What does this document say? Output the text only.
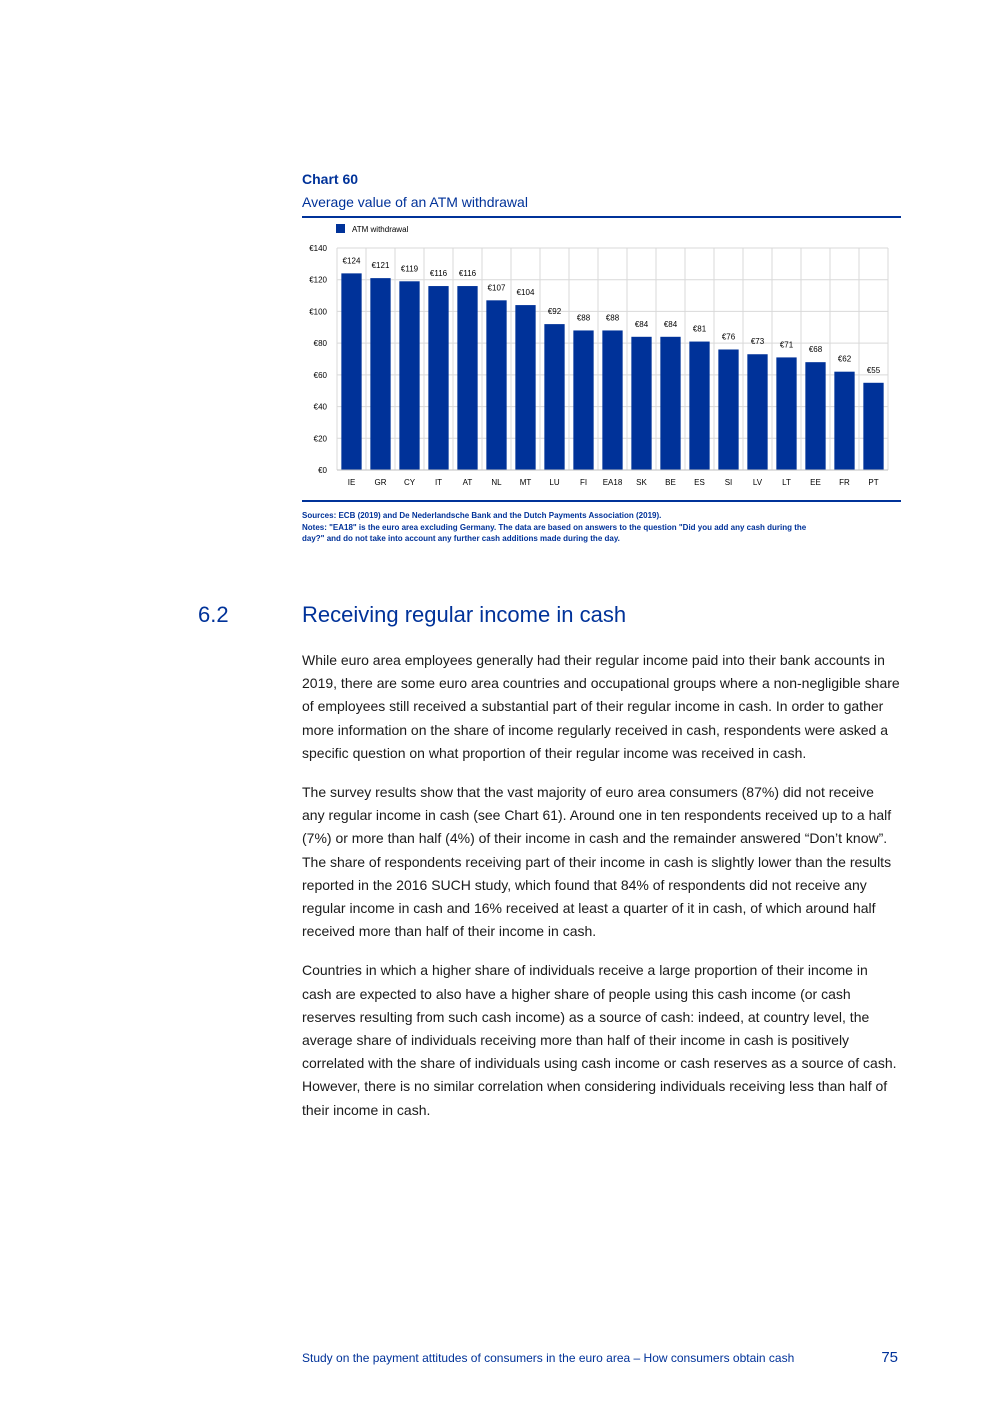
Chart 60

Average value of an ATM withdrawal

ATM withdrawal
€0
€20
€40
€60
€80
€100
€120
€140
€124
IE
€121
GR
€119
CY
€116
IT
€116
AT
€107
NL
€104
MT
€92
LU
€88
FI
€88
EA18
€84
SK
€84
BE
€81
ES
€76
SI
€73
LV
€71
LT
€68
EE
€62
FR
€55
PT
Sources: ECB (2019) and De Nederlandsche Bank and the Dutch Payments Association (2019).
Notes: "EA18" is the euro area excluding Germany. The data are based on answers to the question "Did you add any cash during the
day?" and do not take into account any further cash additions made during the day.
6.2	Receiving regular income in cash

While euro area employees generally had their regular income paid into their bank accounts in 2019, there are some euro area countries and occupational groups where a non-negligible share of employees still received a substantial part of their regular income in cash. In order to gather more information on the share of income regularly received in cash, respondents were asked a specific question on what proportion of their regular income was received in cash.

The survey results show that the vast majority of euro area consumers (87%) did not receive any regular income in cash (see Chart 61). Around one in ten respondents received up to a half (7%) or more than half (4%) of their income in cash and the remainder answered “Don’t know”. The share of respondents receiving part of their income in cash is slightly lower than the results reported in the 2016 SUCH study, which found that 84% of respondents did not receive any regular income in cash and 16% received at least a quarter of it in cash, of which around half received more than half of their income in cash.

Countries in which a higher share of individuals receive a large proportion of their income in cash are expected to also have a higher share of people using this cash income (or cash reserves resulting from such cash income) as a source of cash: indeed, at country level, the average share of individuals receiving more than half of their income in cash is positively correlated with the share of individuals using cash income or cash reserves as a source of cash. However, there is no similar correlation when considering individuals receiving less than half of their income in cash.

Study on the payment attitudes of consumers in the euro area – How consumers obtain cash	75
